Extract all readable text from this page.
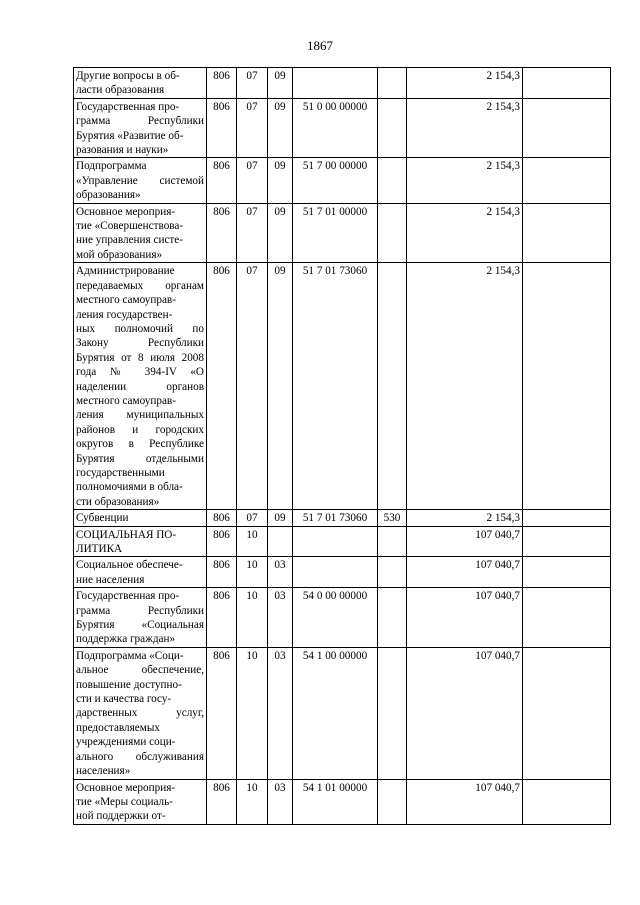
1867
Другие вопросы в об-
ласти образования	806	07	09			2 154,3	
Государственная про-
грамма Республики Бурятия «Развитие об-
разования и науки»	806	07	09	51 0 00 00000		2 154,3	
Подпрограмма «Управление системой образования»	806	07	09	51 7 00 00000		2 154,3	
Основное мероприя-
тие «Совершенствова-
ние управления систе-
мой образования»	806	07	09	51 7 01 00000		2 154,3	
Администрирование передаваемых органам местного самоуправ-
ления государствен-
ных полномочий по Закону Республики Бурятия от 8 июля 2008 года № 394-IV «О наделении органов местного самоуправ-
ления муниципальных районов и городских округов в Республике Бурятия отдельными государственными полномочиями в обла-
сти образования»	806	07	09	51 7 01 73060		2 154,3	
Субвенции	806	07	09	51 7 01 73060	530	2 154,3	
СОЦИАЛЬНАЯ ПО-
ЛИТИКА	806	10				107 040,7	
Социальное обеспече-
ние населения	806	10	03			107 040,7	
Государственная про-
грамма Республики Бурятия «Социальная поддержка граждан»	806	10	03	54 0 00 00000		107 040,7	
Подпрограмма «Соци-
альное обеспечение, повышение доступно-
сти и качества госу-
дарственных услуг, предоставляемых учреждениями соци-
ального обслуживания населения»	806	10	03	54 1 00 00000		107 040,7	
Основное мероприя-
тие «Меры социаль-
ной поддержки от-	806	10	03	54 1 01 00000		107 040,7	
